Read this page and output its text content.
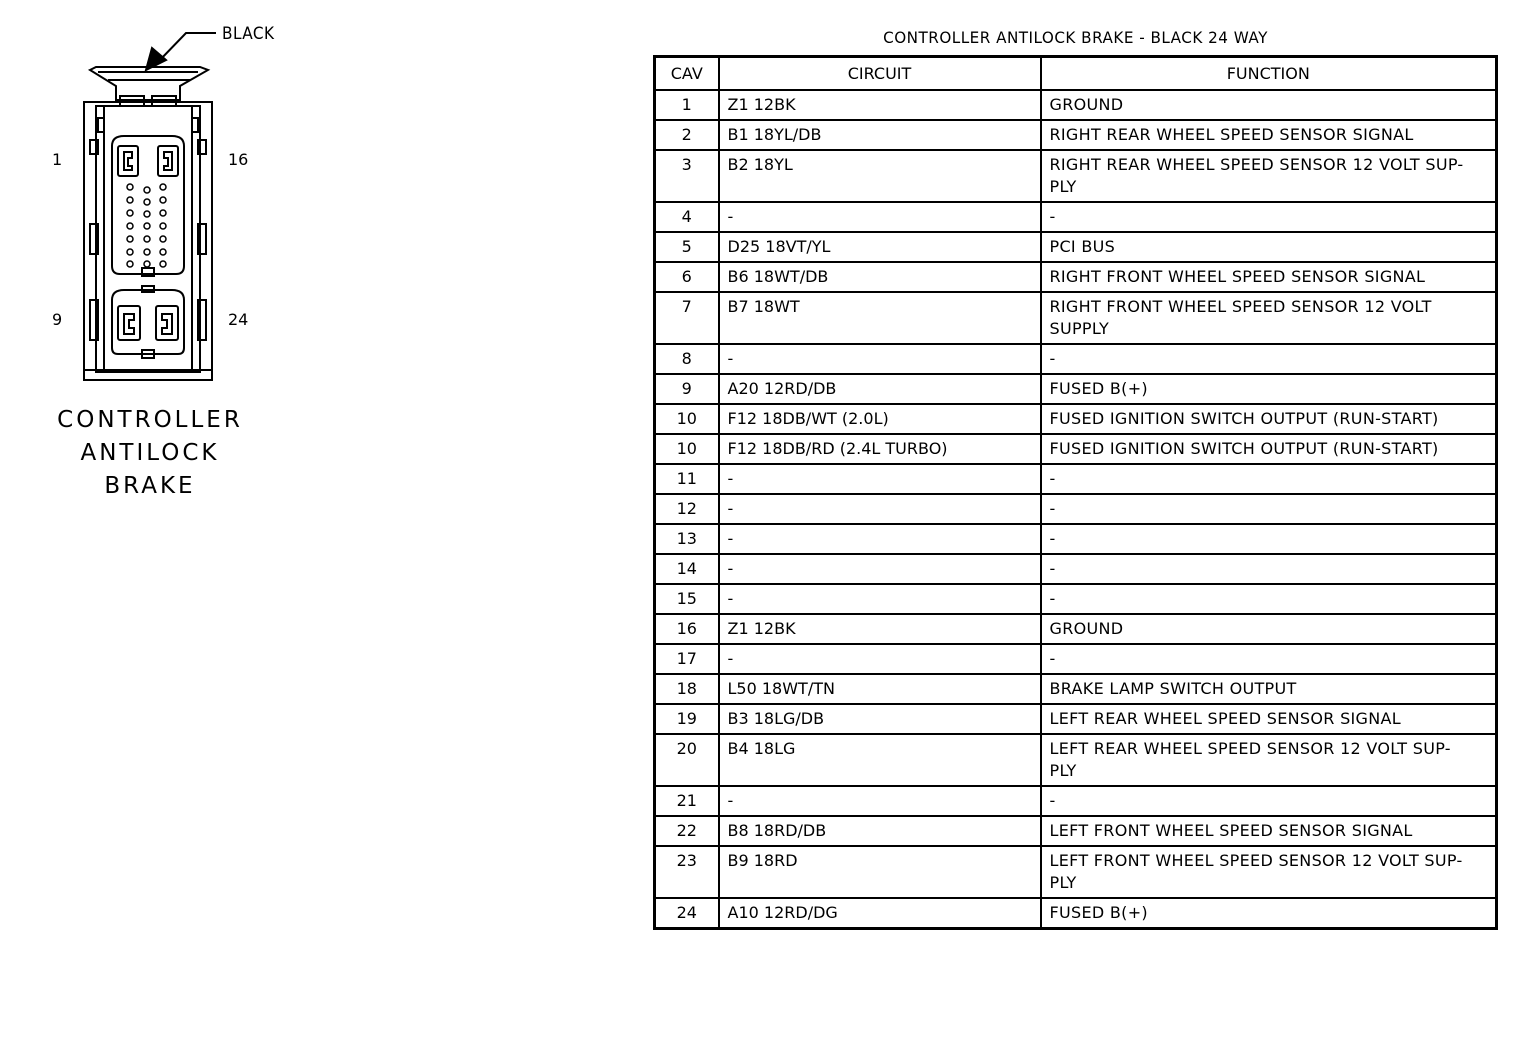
BLACK
1	16
9	24
CONTROLLER
ANTILOCK
BRAKE
CONTROLLER ANTILOCK BRAKE - BLACK 24 WAY
CAV	CIRCUIT	FUNCTION
1	Z1 12BK	GROUND
2	B1 18YL/DB	RIGHT REAR WHEEL SPEED SENSOR SIGNAL
3	B2 18YL	RIGHT REAR WHEEL SPEED SENSOR 12 VOLT SUP-
PLY
4	-	-
5	D25 18VT/YL	PCI BUS
6	B6 18WT/DB	RIGHT FRONT WHEEL SPEED SENSOR SIGNAL
7	B7 18WT	RIGHT FRONT WHEEL SPEED SENSOR 12 VOLT
SUPPLY
8	-	-
9	A20 12RD/DB	FUSED B(+)
10	F12 18DB/WT (2.0L)	FUSED IGNITION SWITCH OUTPUT (RUN-START)
10	F12 18DB/RD (2.4L TURBO)	FUSED IGNITION SWITCH OUTPUT (RUN-START)
11	-	-
12	-	-
13	-	-
14	-	-
15	-	-
16	Z1 12BK	GROUND
17	-	-
18	L50 18WT/TN	BRAKE LAMP SWITCH OUTPUT
19	B3 18LG/DB	LEFT REAR WHEEL SPEED SENSOR SIGNAL
20	B4 18LG	LEFT REAR WHEEL SPEED SENSOR 12 VOLT SUP-
PLY
21	-	-
22	B8 18RD/DB	LEFT FRONT WHEEL SPEED SENSOR SIGNAL
23	B9 18RD	LEFT FRONT WHEEL SPEED SENSOR 12 VOLT SUP-
PLY
24	A10 12RD/DG	FUSED B(+)
